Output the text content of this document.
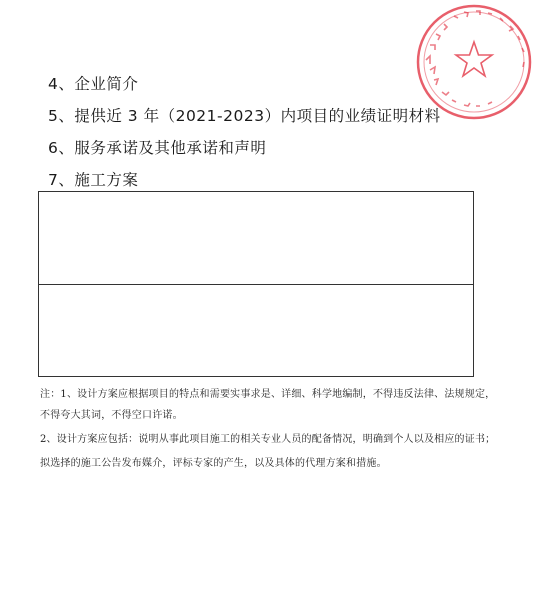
4、企业简介
5、提供近 3 年（2021-2023）内项目的业绩证明材料
6、服务承诺及其他承诺和声明
7、施工方案
注：1、设计方案应根据项目的特点和需要实事求是、详细、科学地编制，不得违反法律、法规规定，
不得夸大其词，不得空口许诺。
2、设计方案应包括：说明从事此项目施工的相关专业人员的配备情况，明确到个人以及相应的证书；
拟选择的施工公告发布媒介，评标专家的产生，以及具体的代理方案和措施。
